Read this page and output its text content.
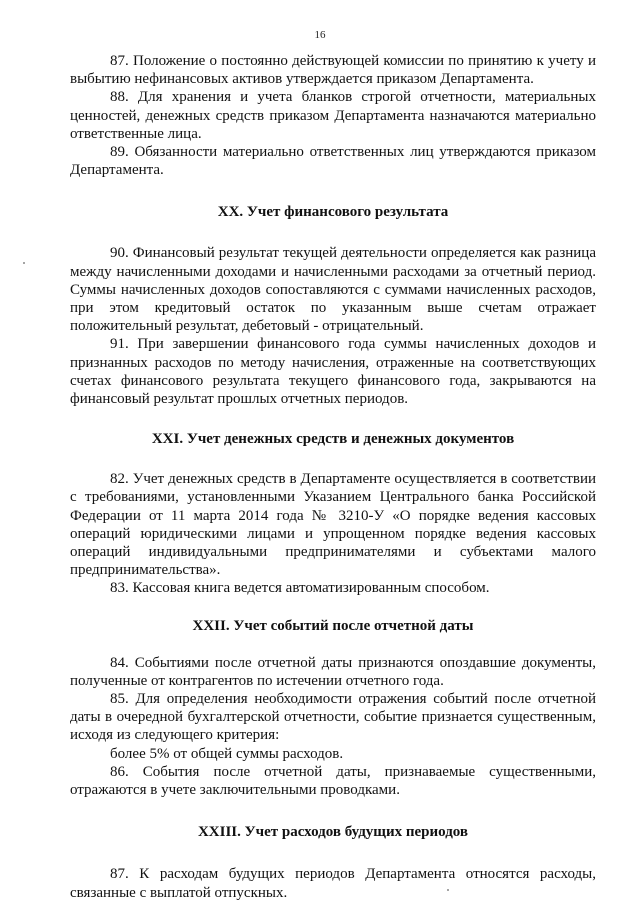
16

87. Положение о постоянно действующей комиссии по принятию к учету и выбытию нефинансовых активов утверждается приказом Департамента.

88. Для хранения и учета бланков строгой отчетности, материальных ценностей, денежных средств приказом Департамента назначаются материально ответственные лица.

89. Обязанности материально ответственных лиц утверждаются приказом Департамента.

XX. Учет финансового результата

90. Финансовый результат текущей деятельности определяется как разница между начисленными доходами и начисленными расходами за отчетный период. Суммы начисленных доходов сопоставляются с суммами начисленных расходов, при этом кредитовый остаток по указанным выше счетам отражает положительный результат, дебетовый - отрицательный.

91. При завершении финансового года суммы начисленных доходов и признанных расходов по методу начисления, отраженные на соответствующих счетах финансового результата текущего финансового года, закрываются на финансовый результат прошлых отчетных периодов.

XXI. Учет денежных средств и денежных документов

82. Учет денежных средств в Департаменте осуществляется в соответствии с требованиями, установленными Указанием Центрального банка Российской Федерации от 11 марта 2014 года № 3210-У «О порядке ведения кассовых операций юридическими лицами и упрощенном порядке ведения кассовых операций индивидуальными предпринимателями и субъектами малого предпринимательства».

83. Кассовая книга ведется автоматизированным способом.

XXII. Учет событий после отчетной даты

84. Событиями после отчетной даты признаются опоздавшие документы, полученные от контрагентов по истечении отчетного года.

85. Для определения необходимости отражения событий после отчетной даты в очередной бухгалтерской отчетности, событие признается существенным, исходя из следующего критерия:

более 5% от общей суммы расходов.

86. События после отчетной даты, признаваемые существенными, отражаются в учете заключительными проводками.

XXIII. Учет расходов будущих периодов

87. К расходам будущих периодов Департамента относятся расходы, связанные с выплатой отпускных.
